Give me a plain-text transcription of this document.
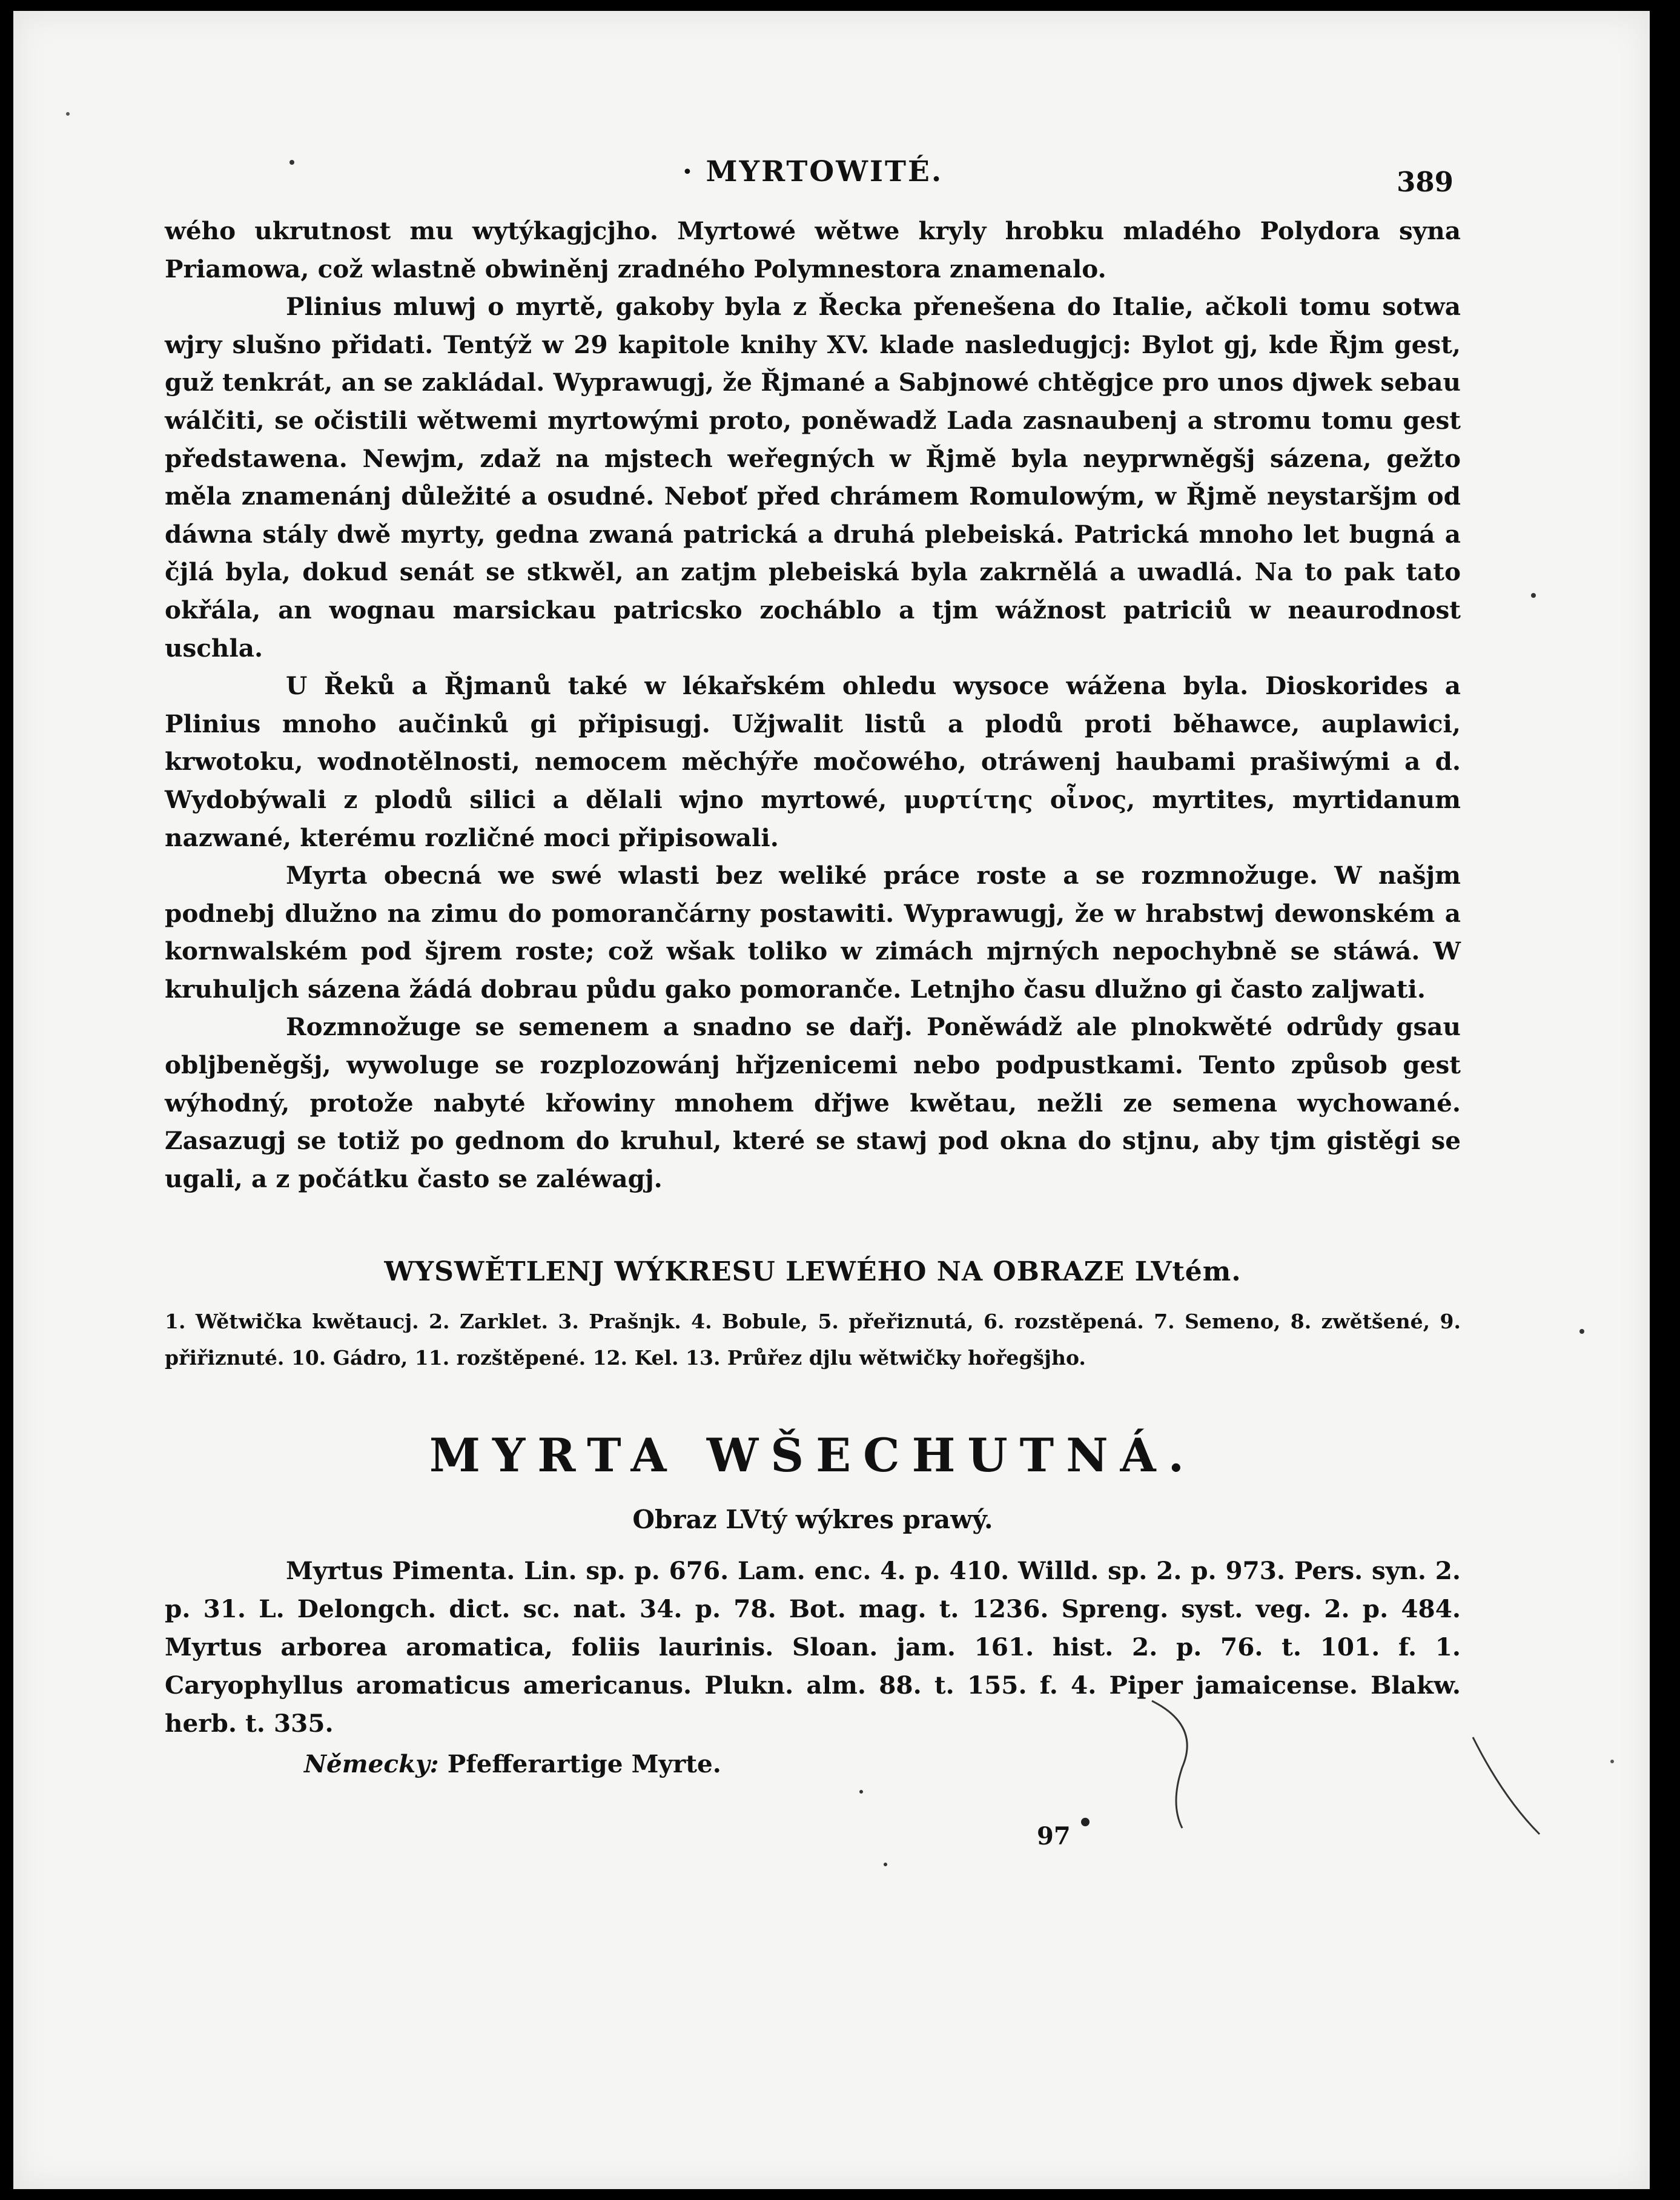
· MYRTOWITÉ.	389

wého ukrutnost mu wytýkagjcjho. Myrtowé wětwe kryly hrobku mladého Polydora syna Priamowa, což wlastně obwiněnj zradného Polymnestora znamenalo.

Plinius mluwj o myrtě, gakoby byla z Řecka přenešena do Italie, ačkoli tomu sotwa wjry slušno přidati. Tentýž w 29 kapitole knihy XV. klade nasledugjcj: Bylot gj, kde Řjm gest, guž tenkrát, an se zakládal. Wyprawugj, že Řjmané a Sabjnowé chtěgjce pro unos djwek sebau wálčiti, se očistili wětwemi myrtowými proto, poněwadž Lada zasnaubenj a stromu tomu gest předstawena. Newjm, zdaž na mjstech weřegných w Řjmě byla neyprwněgšj sázena, gežto měla znamenánj důležité a osudné. Neboť před chrámem Romulowým, w Řjmě neystaršjm od dáwna stály dwě myrty, gedna zwaná patrická a druhá plebeiská. Patrická mnoho let bugná a čjlá byla, dokud senát se stkwěl, an zatjm plebeiská byla zakrnělá a uwadlá. Na to pak tato okřála, an wognau marsickau patricsko zocháblo a tjm wážnost patriciů w neaurodnost uschla.

U Řeků a Řjmanů také w lékařském ohledu wysoce wážena byla. Dioskorides a Plinius mnoho aučinků gi připisugj. Užjwalit listů a plodů proti běhawce, auplawici, krwotoku, wodnotělnosti, nemocem měchýře močowého, otráwenj haubami prašiwými a d. Wydobýwali z plodů silici a dělali wjno myrtowé, μυρτίτης οἶνος, myrtites, myrtidanum nazwané, kterému rozličné moci připisowali.

Myrta obecná we swé wlasti bez weliké práce roste a se rozmnožuge. W našjm podnebj dlužno na zimu do pomorančárny postawiti. Wyprawugj, že w hrabstwj dewonském a kornwalském pod šjrem roste; což wšak toliko w zimách mjrných nepochybně se stáwá. W kruhuljch sázena žádá dobrau půdu gako pomorančе. Letnjho času dlužno gi často zaljwati.

Rozmnožuge se semenem a snadno se dařj. Poněwádž ale plnokwěté odrůdy gsau obljbeněgšj, wywoluge se rozplozowánj hřjzenicemi nebo podpustkami. Tento způsob gest wýhodný, protože nabyté křowiny mnohem dřjwe kwětau, nežli ze semena wychowané. Zasazugj se totiž po gednom do kruhul, které se stawj pod okna do stjnu, aby tjm gistěgi se ugali, a z počátku často se zaléwagj.

WYSWĚTLENJ WÝKRESU LEWÉHO NA OBRAZE LVtém.
1. Wětwička kwětaucj. 2. Zarklet. 3. Prašnjk. 4. Bobule, 5. přeřiznutá, 6. rozstěpená. 7. Semeno, 8. zwětšené, 9. přiřiznuté. 10. Gádro, 11. rozštěpené. 12. Kel. 13. Průřez djlu wětwičky hořegšjho.
MYRTA WŠECHUTNÁ.
Obraz LVtý wýkres prawý.
Myrtus Pimenta. Lin. sp. p. 676. Lam. enc. 4. p. 410. Willd. sp. 2. p. 973. Pers. syn. 2. p. 31. L. Delongch. dict. sc. nat. 34. p. 78. Bot. mag. t. 1236. Spreng. syst. veg. 2. p. 484. Myrtus arborea aromatica, foliis laurinis. Sloan. jam. 161. hist. 2. p. 76. t. 101. f. 1. Caryophyllus aromaticus americanus. Plukn. alm. 88. t. 155. f. 4. Piper jamaicense. Blakw. herb. t. 335.
Německy: Pfefferartige Myrte.
97
